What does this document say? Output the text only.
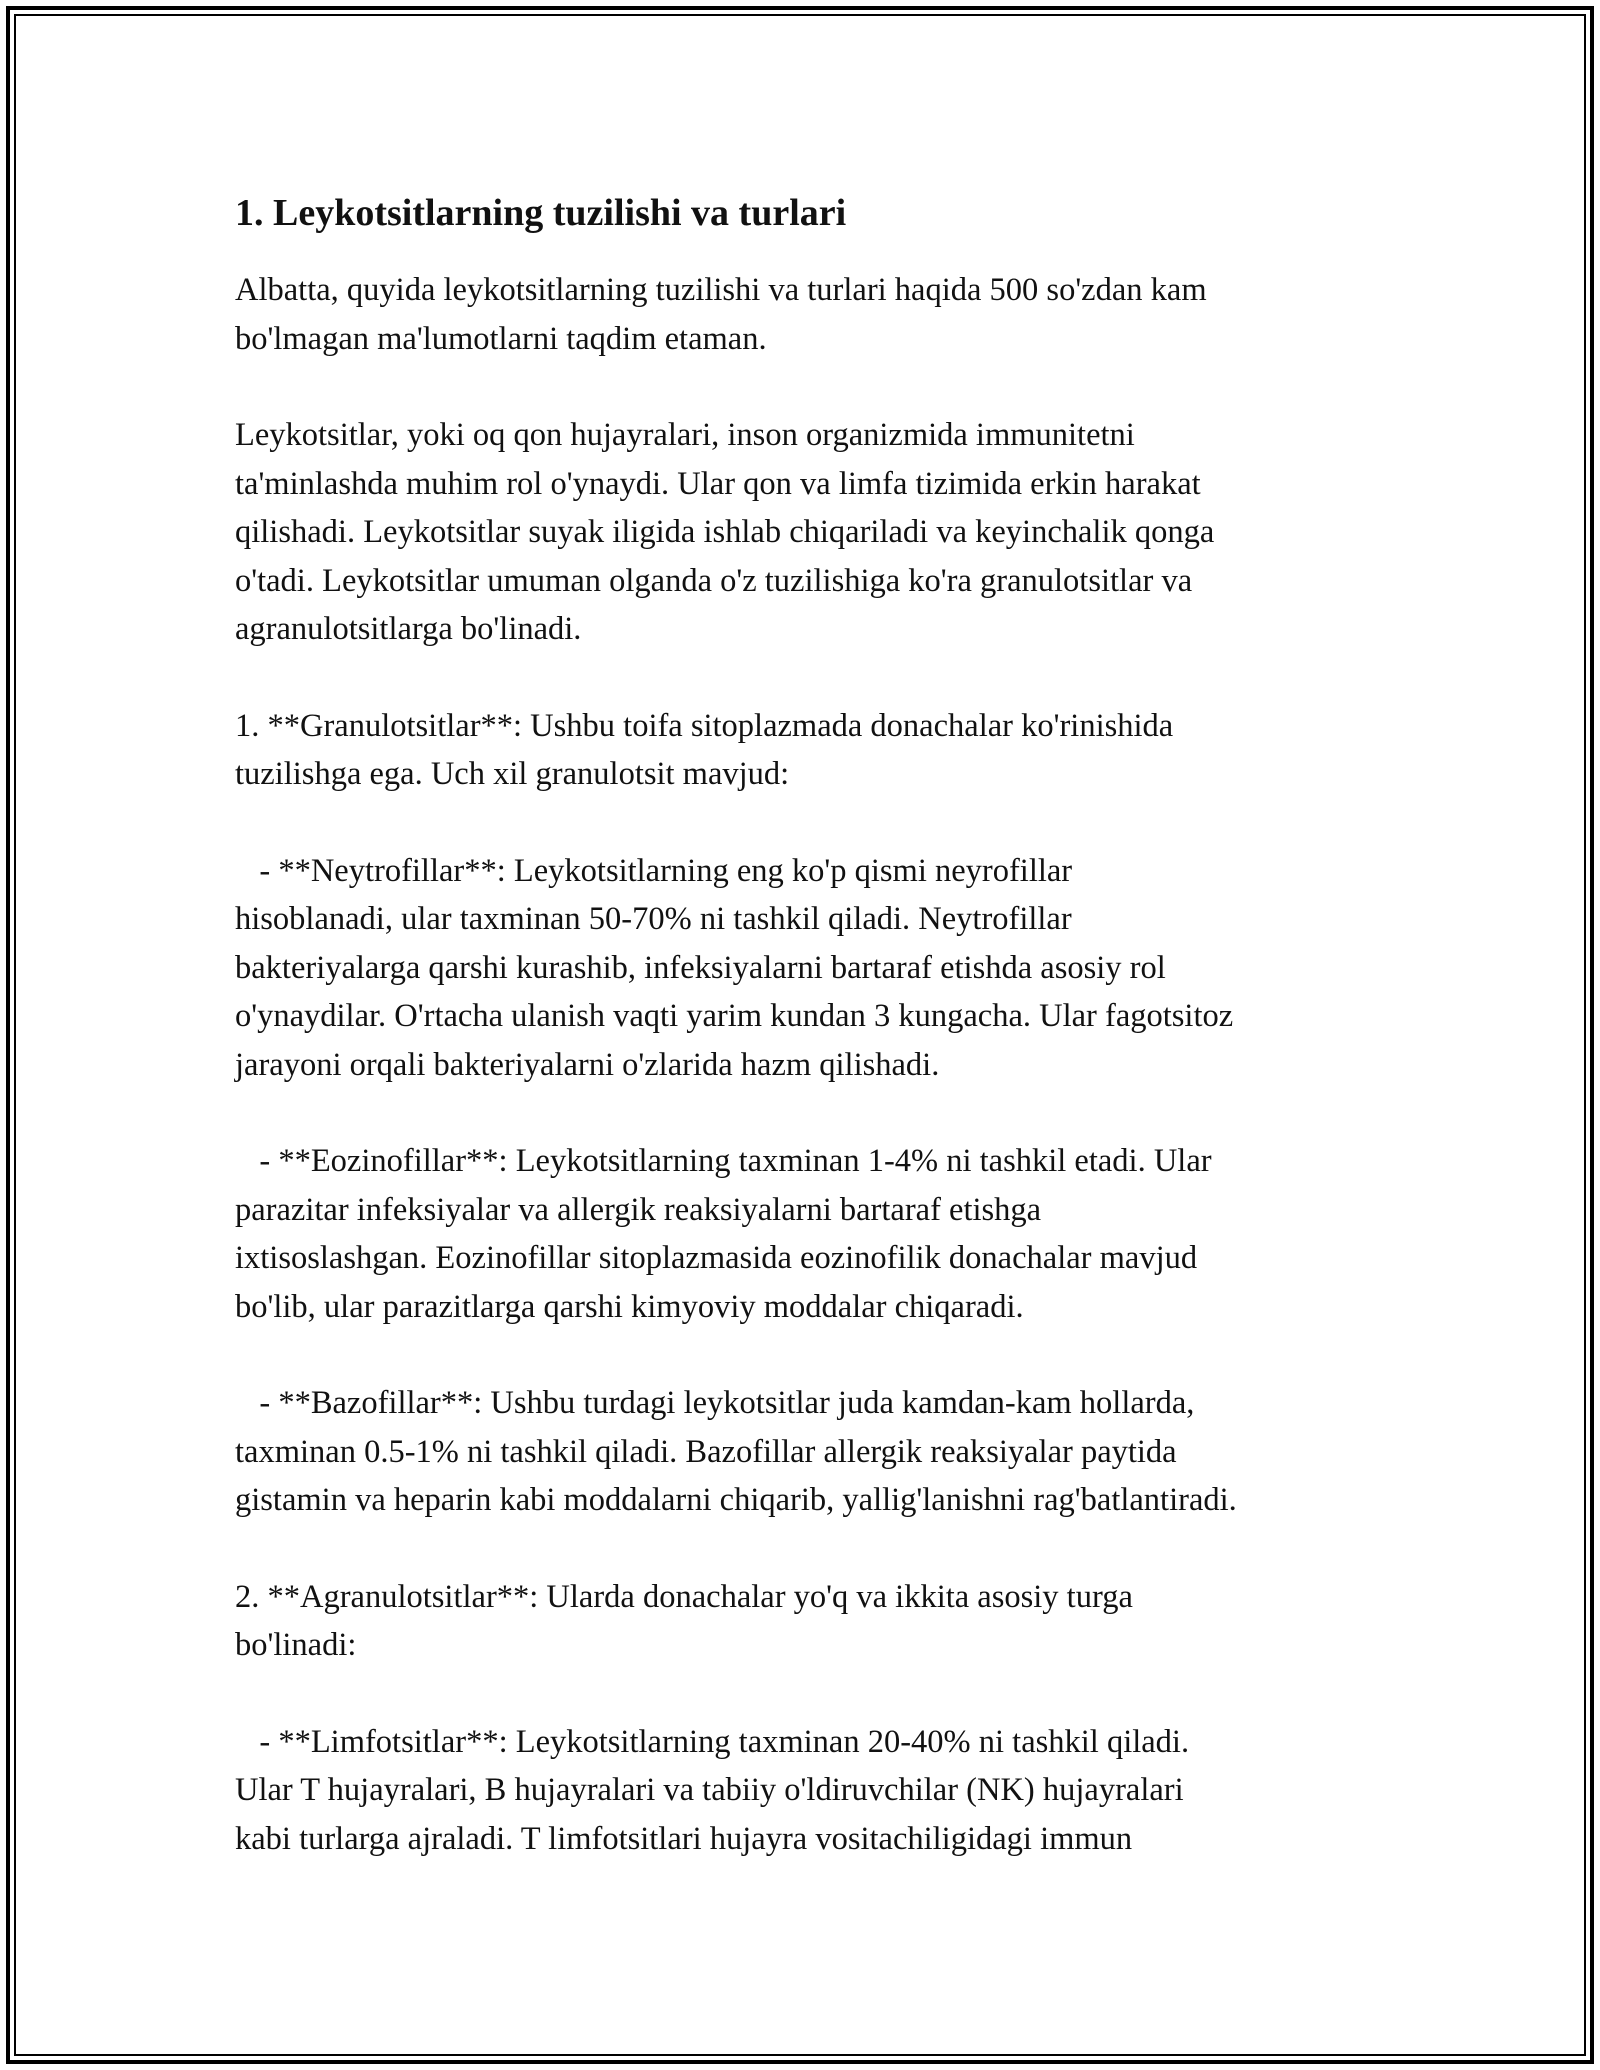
1. Leykotsitlarning tuzilishi va turlari

Albatta, quyida leykotsitlarning tuzilishi va turlari haqida 500 so'zdan kam
bo'lmagan ma'lumotlarni taqdim etaman.

Leykotsitlar, yoki oq qon hujayralari, inson organizmida immunitetni
ta'minlashda muhim rol o'ynaydi. Ular qon va limfa tizimida erkin harakat
qilishadi. Leykotsitlar suyak iligida ishlab chiqariladi va keyinchalik qonga
o'tadi. Leykotsitlar umuman olganda o'z tuzilishiga ko'ra granulotsitlar va
agranulotsitlarga bo'linadi.

1. **Granulotsitlar**: Ushbu toifa sitoplazmada donachalar ko'rinishida
tuzilishga ega. Uch xil granulotsit mavjud:

- **Neytrofillar**: Leykotsitlarning eng ko'p qismi neyrofillar
hisoblanadi, ular taxminan 50-70% ni tashkil qiladi. Neytrofillar
bakteriyalarga qarshi kurashib, infeksiyalarni bartaraf etishda asosiy rol
o'ynaydilar. O'rtacha ulanish vaqti yarim kundan 3 kungacha. Ular fagotsitoz
jarayoni orqali bakteriyalarni o'zlarida hazm qilishadi.

- **Eozinofillar**: Leykotsitlarning taxminan 1-4% ni tashkil etadi. Ular
parazitar infeksiyalar va allergik reaksiyalarni bartaraf etishga
ixtisoslashgan. Eozinofillar sitoplazmasida eozinofilik donachalar mavjud
bo'lib, ular parazitlarga qarshi kimyoviy moddalar chiqaradi.

- **Bazofillar**: Ushbu turdagi leykotsitlar juda kamdan-kam hollarda,
taxminan 0.5-1% ni tashkil qiladi. Bazofillar allergik reaksiyalar paytida
gistamin va heparin kabi moddalarni chiqarib, yallig'lanishni rag'batlantiradi.

2. **Agranulotsitlar**: Ularda donachalar yo'q va ikkita asosiy turga
bo'linadi:

- **Limfotsitlar**: Leykotsitlarning taxminan 20-40% ni tashkil qiladi.
Ular T hujayralari, B hujayralari va tabiiy o'ldiruvchilar (NK) hujayralari
kabi turlarga ajraladi. T limfotsitlari hujayra vositachiligidagi immun
